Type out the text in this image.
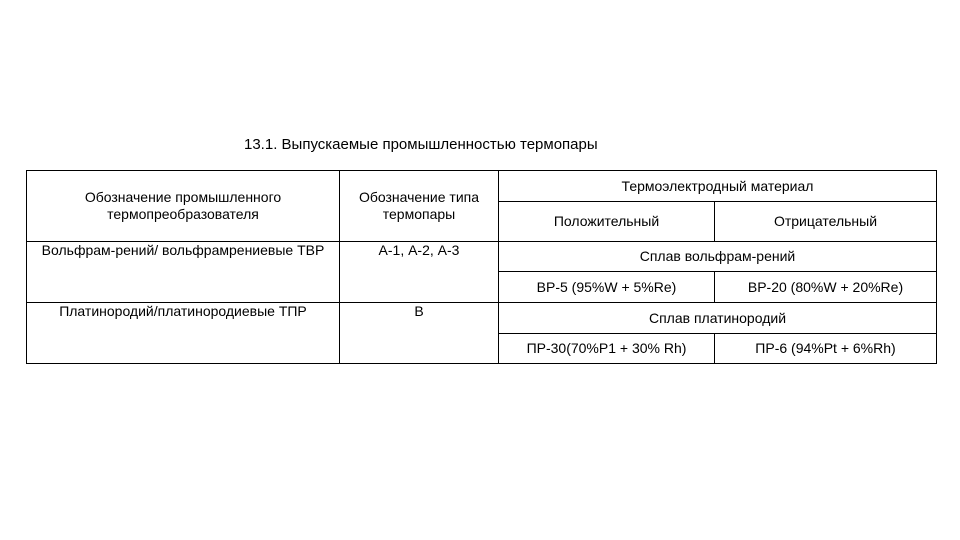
13.1. Выпускаемые промышленностью термопары
Обозначение промышленного термопреобразователя	Обозначение типа термопары	Термоэлектродный материал	
		Положительный	Отрицательный
Вольфрам-рений/ вольфрамрениевые ТВР	А-1, А-2, А-3	Сплав вольфрам-рений	
		ВР-5 (95%W + 5%Re)	ВР-20 (80%W + 20%Re)
Платинородий/платинородиевые ТПР	В	Сплав платинородий	
		ПР-30(70%Р1 + 30% Rh)	ПР-6 (94%Pt + 6%Rh)
